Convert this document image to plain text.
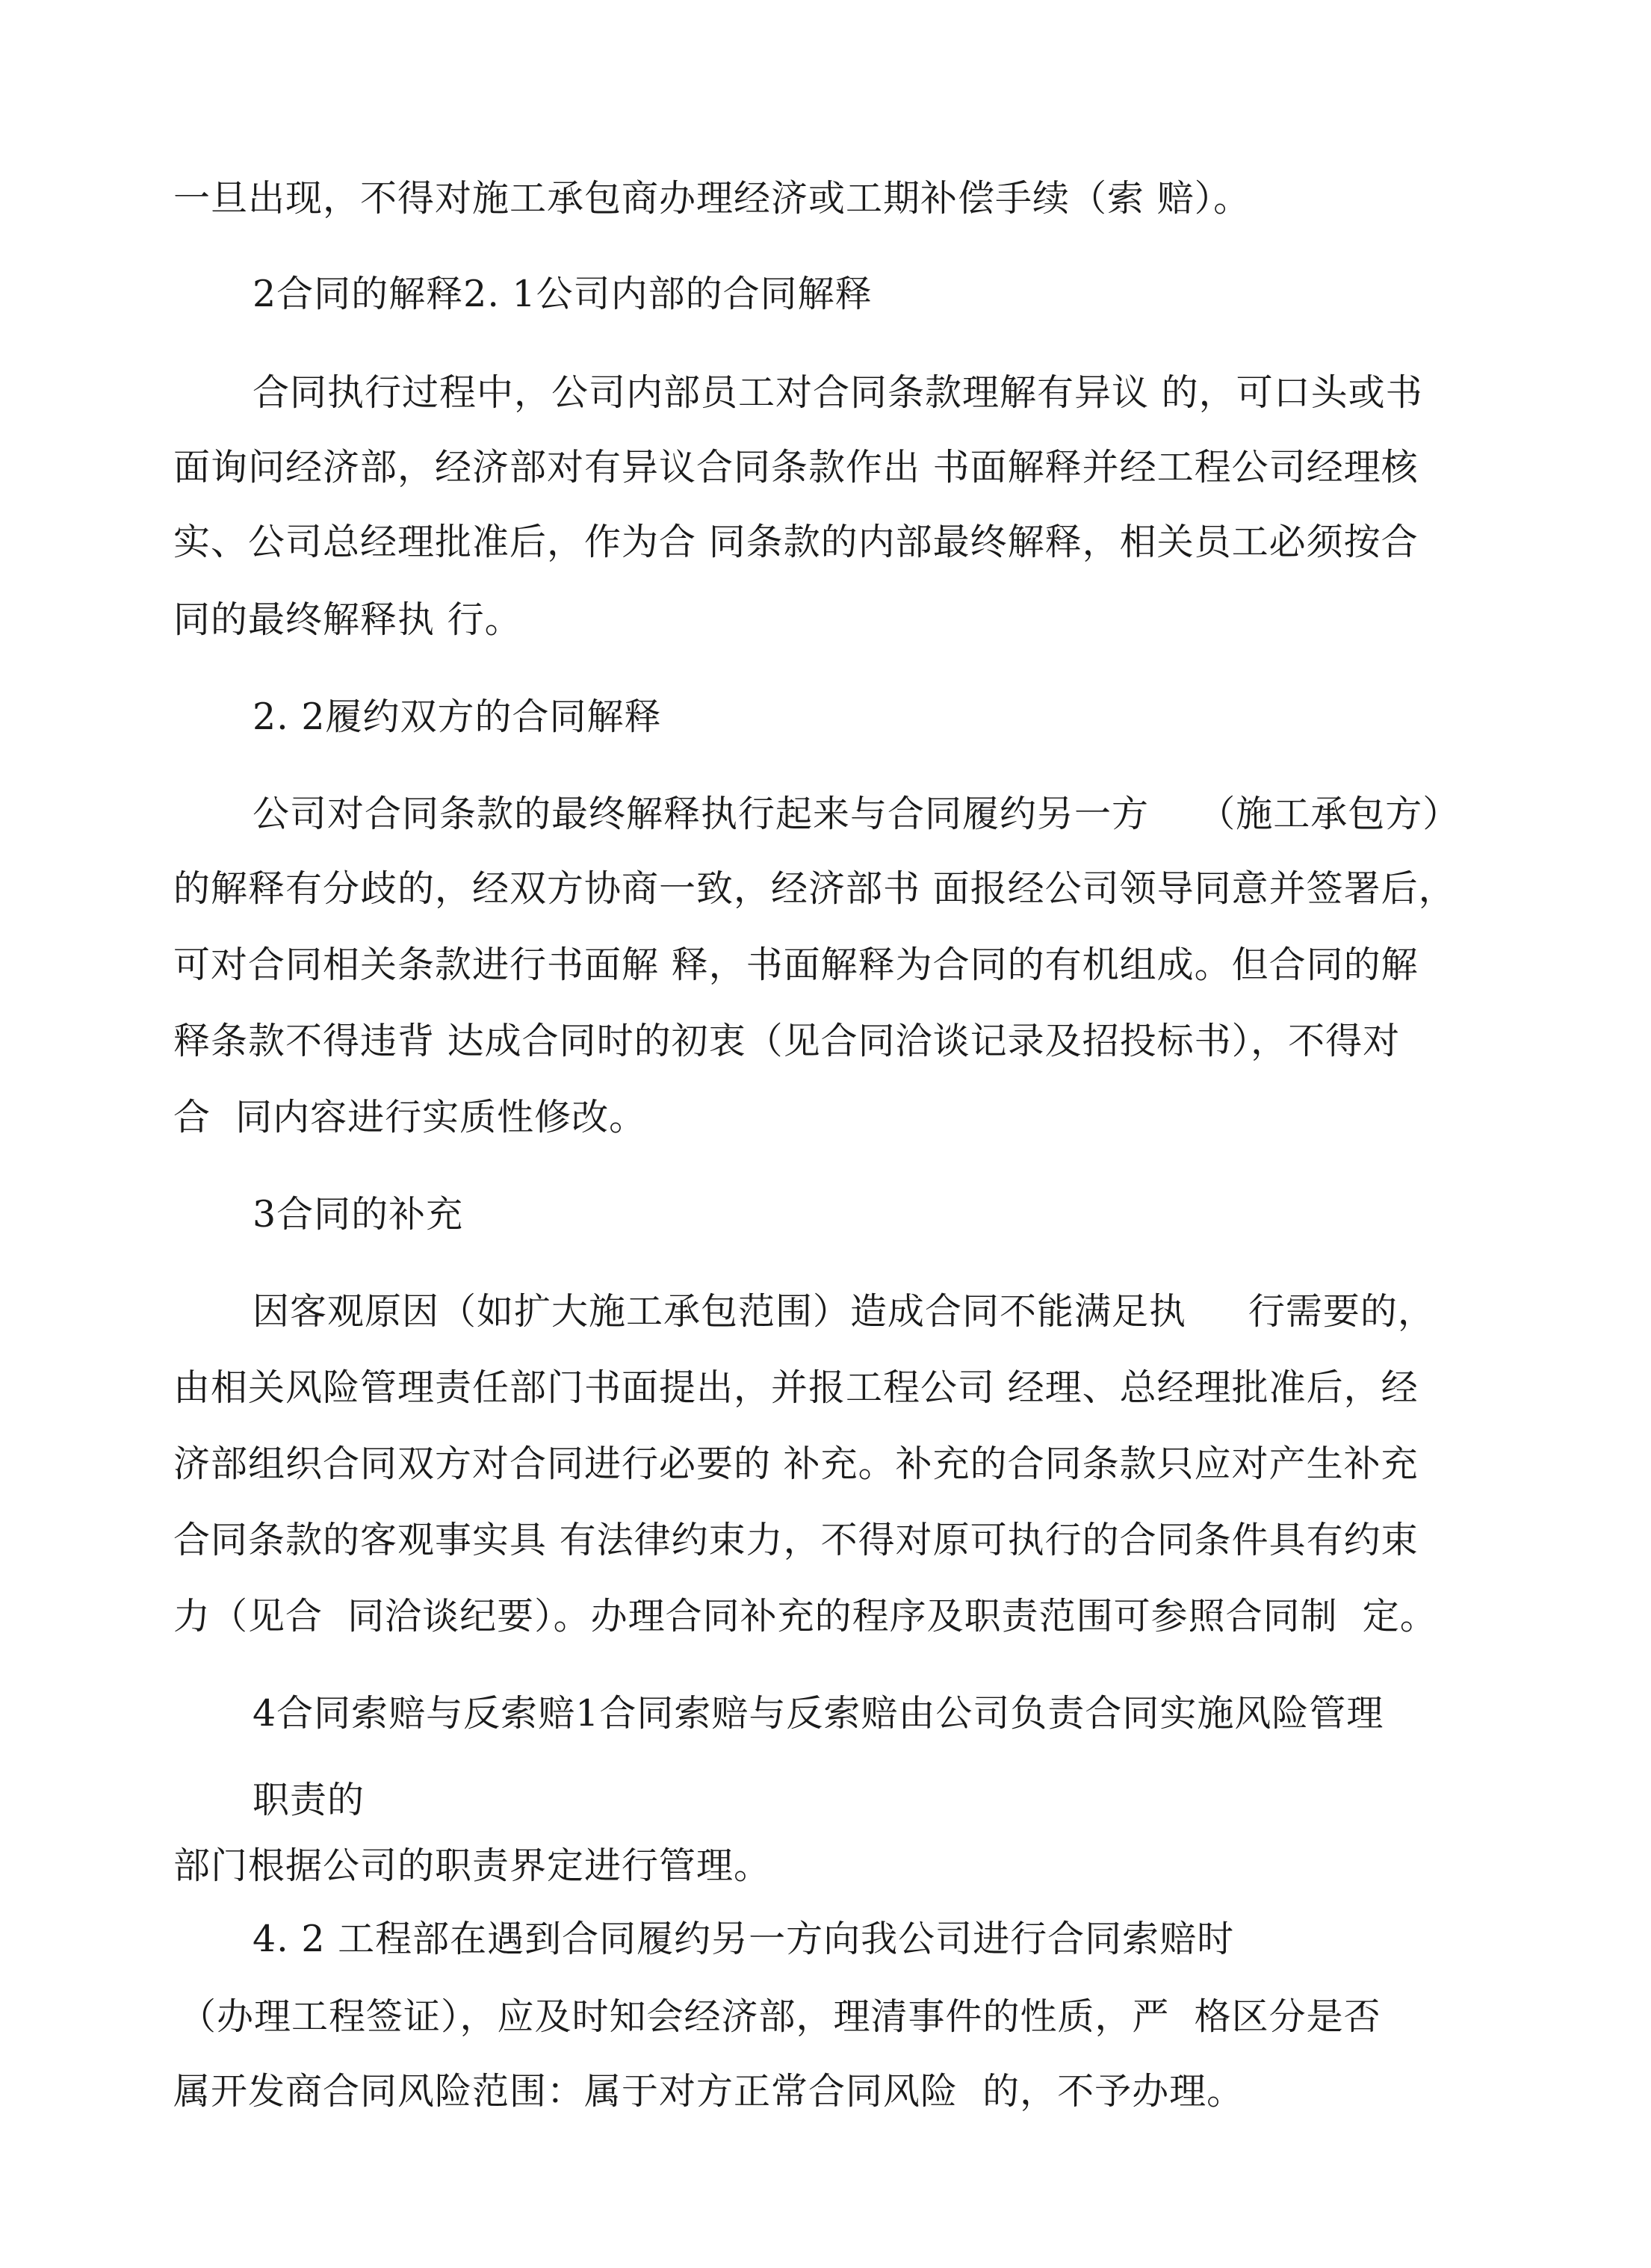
一旦出现，不得对施工承包商办理经济或工期补偿手续（索 赔）。
2合同的解释2. 1公司内部的合同解释
合同执行过程中，公司内部员工对合同条款理解有异议 的，可口头或书
面询问经济部，经济部对有异议合同条款作出 书面解释并经工程公司经理核
实、公司总经理批准后，作为合 同条款的内部最终解释，相关员工必须按合
同的最终解释执 行。
2. 2履约双方的合同解释
公司对合同条款的最终解释执行起来与合同履约另一方    （施工承包方）
的解释有分歧的，经双方协商一致，经济部书 面报经公司领导同意并签署后，
可对合同相关条款进行书面解 释，书面解释为合同的有机组成。但合同的解
释条款不得违背 达成合同时的初衷（见合同洽谈记录及招投标书），不得对
合  同内容进行实质性修改。
3合同的补充
因客观原因（如扩大施工承包范围）造成合同不能满足执     行需要的，
由相关风险管理责任部门书面提出，并报工程公司 经理、总经理批准后，经
济部组织合同双方对合同进行必要的 补充。补充的合同条款只应对产生补充
合同条款的客观事实具 有法律约束力，不得对原可执行的合同条件具有约束
力（见合  同洽谈纪要）。办理合同补充的程序及职责范围可参照合同制  定。
4合同索赔与反索赔1合同索赔与反索赔由公司负责合同实施风险管理
职责的
部门根据公司的职责界定进行管理。
4. 2 工程部在遇到合同履约另一方向我公司进行合同索赔时
（办理工程签证），应及时知会经济部，理清事件的性质，严  格区分是否
属开发商合同风险范围：属于对方正常合同风险  的，不予办理。
